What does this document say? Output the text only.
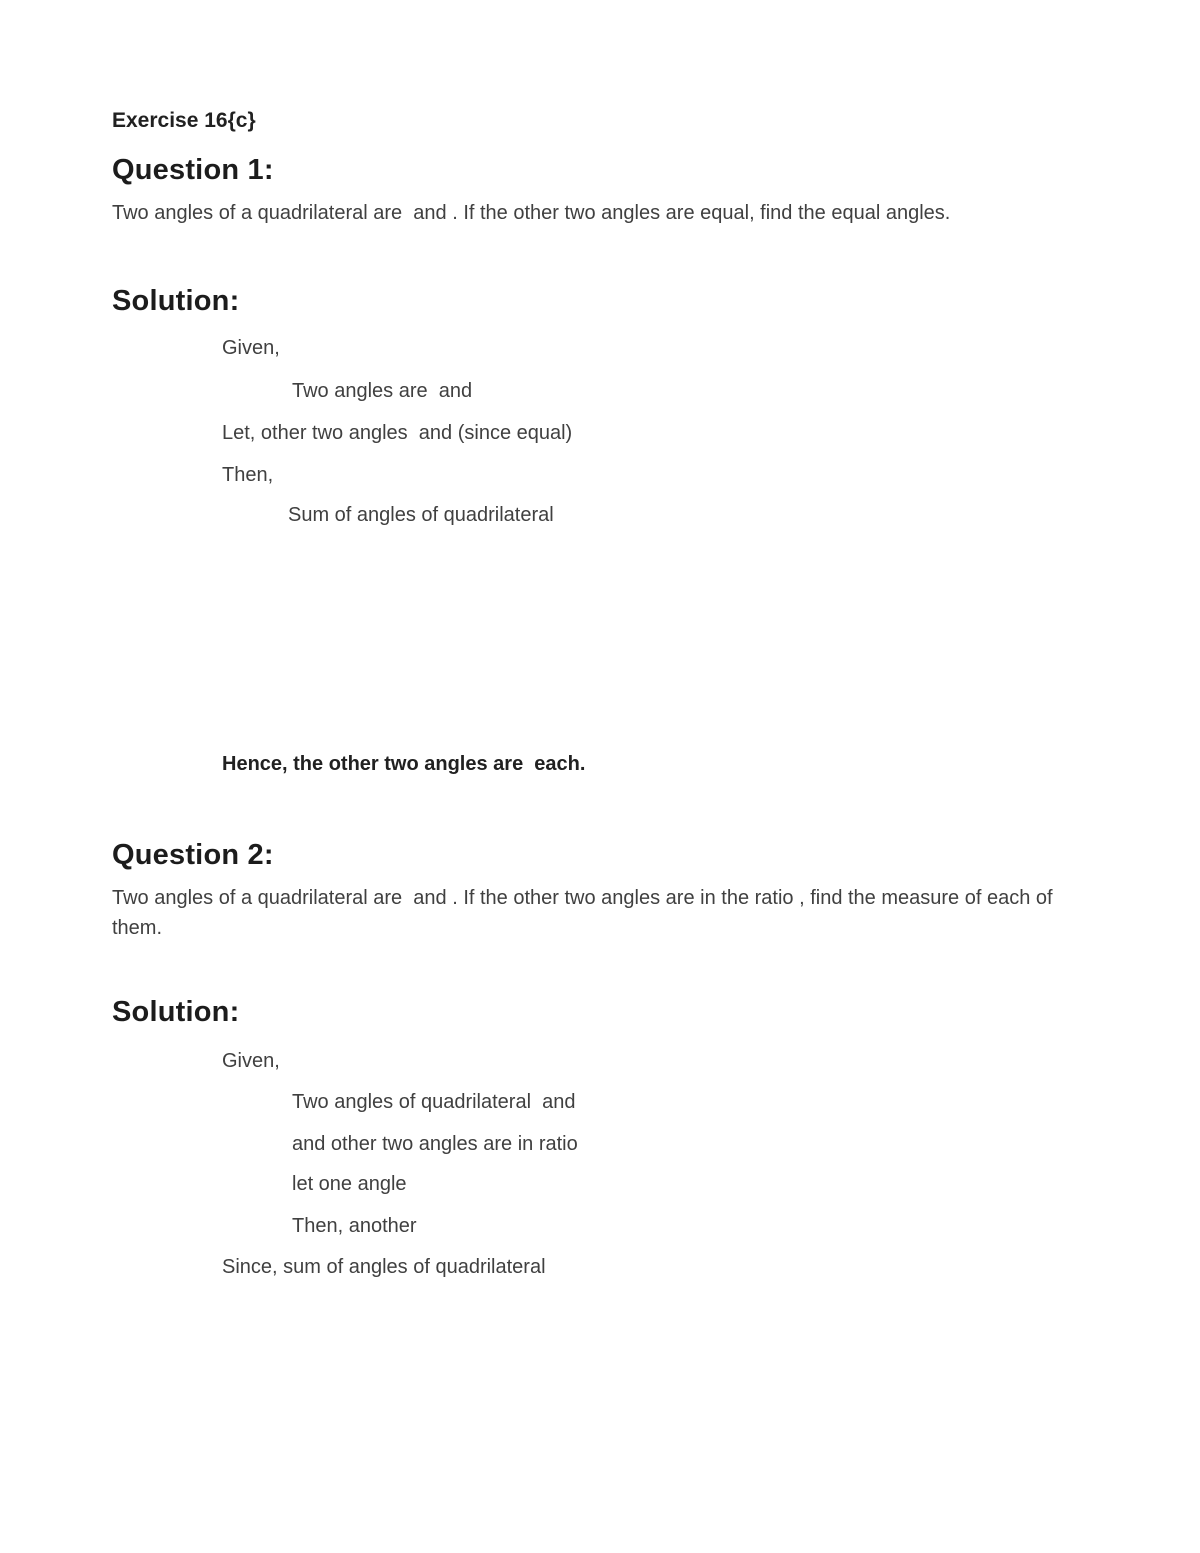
Exercise 16{c}
Question 1:
Two angles of a quadrilateral are  and . If the other two angles are equal, find the equal angles.
Solution:
Given,
Two angles are  and
Let, other two angles  and (since equal)
Then,
Sum of angles of quadrilateral
Hence, the other two angles are  each.
Question 2:
Two angles of a quadrilateral are  and . If the other two angles are in the ratio , find the measure of each of them.
Solution:
Given,
Two angles of quadrilateral  and
and other two angles are in ratio
let one angle
Then, another
Since, sum of angles of quadrilateral
